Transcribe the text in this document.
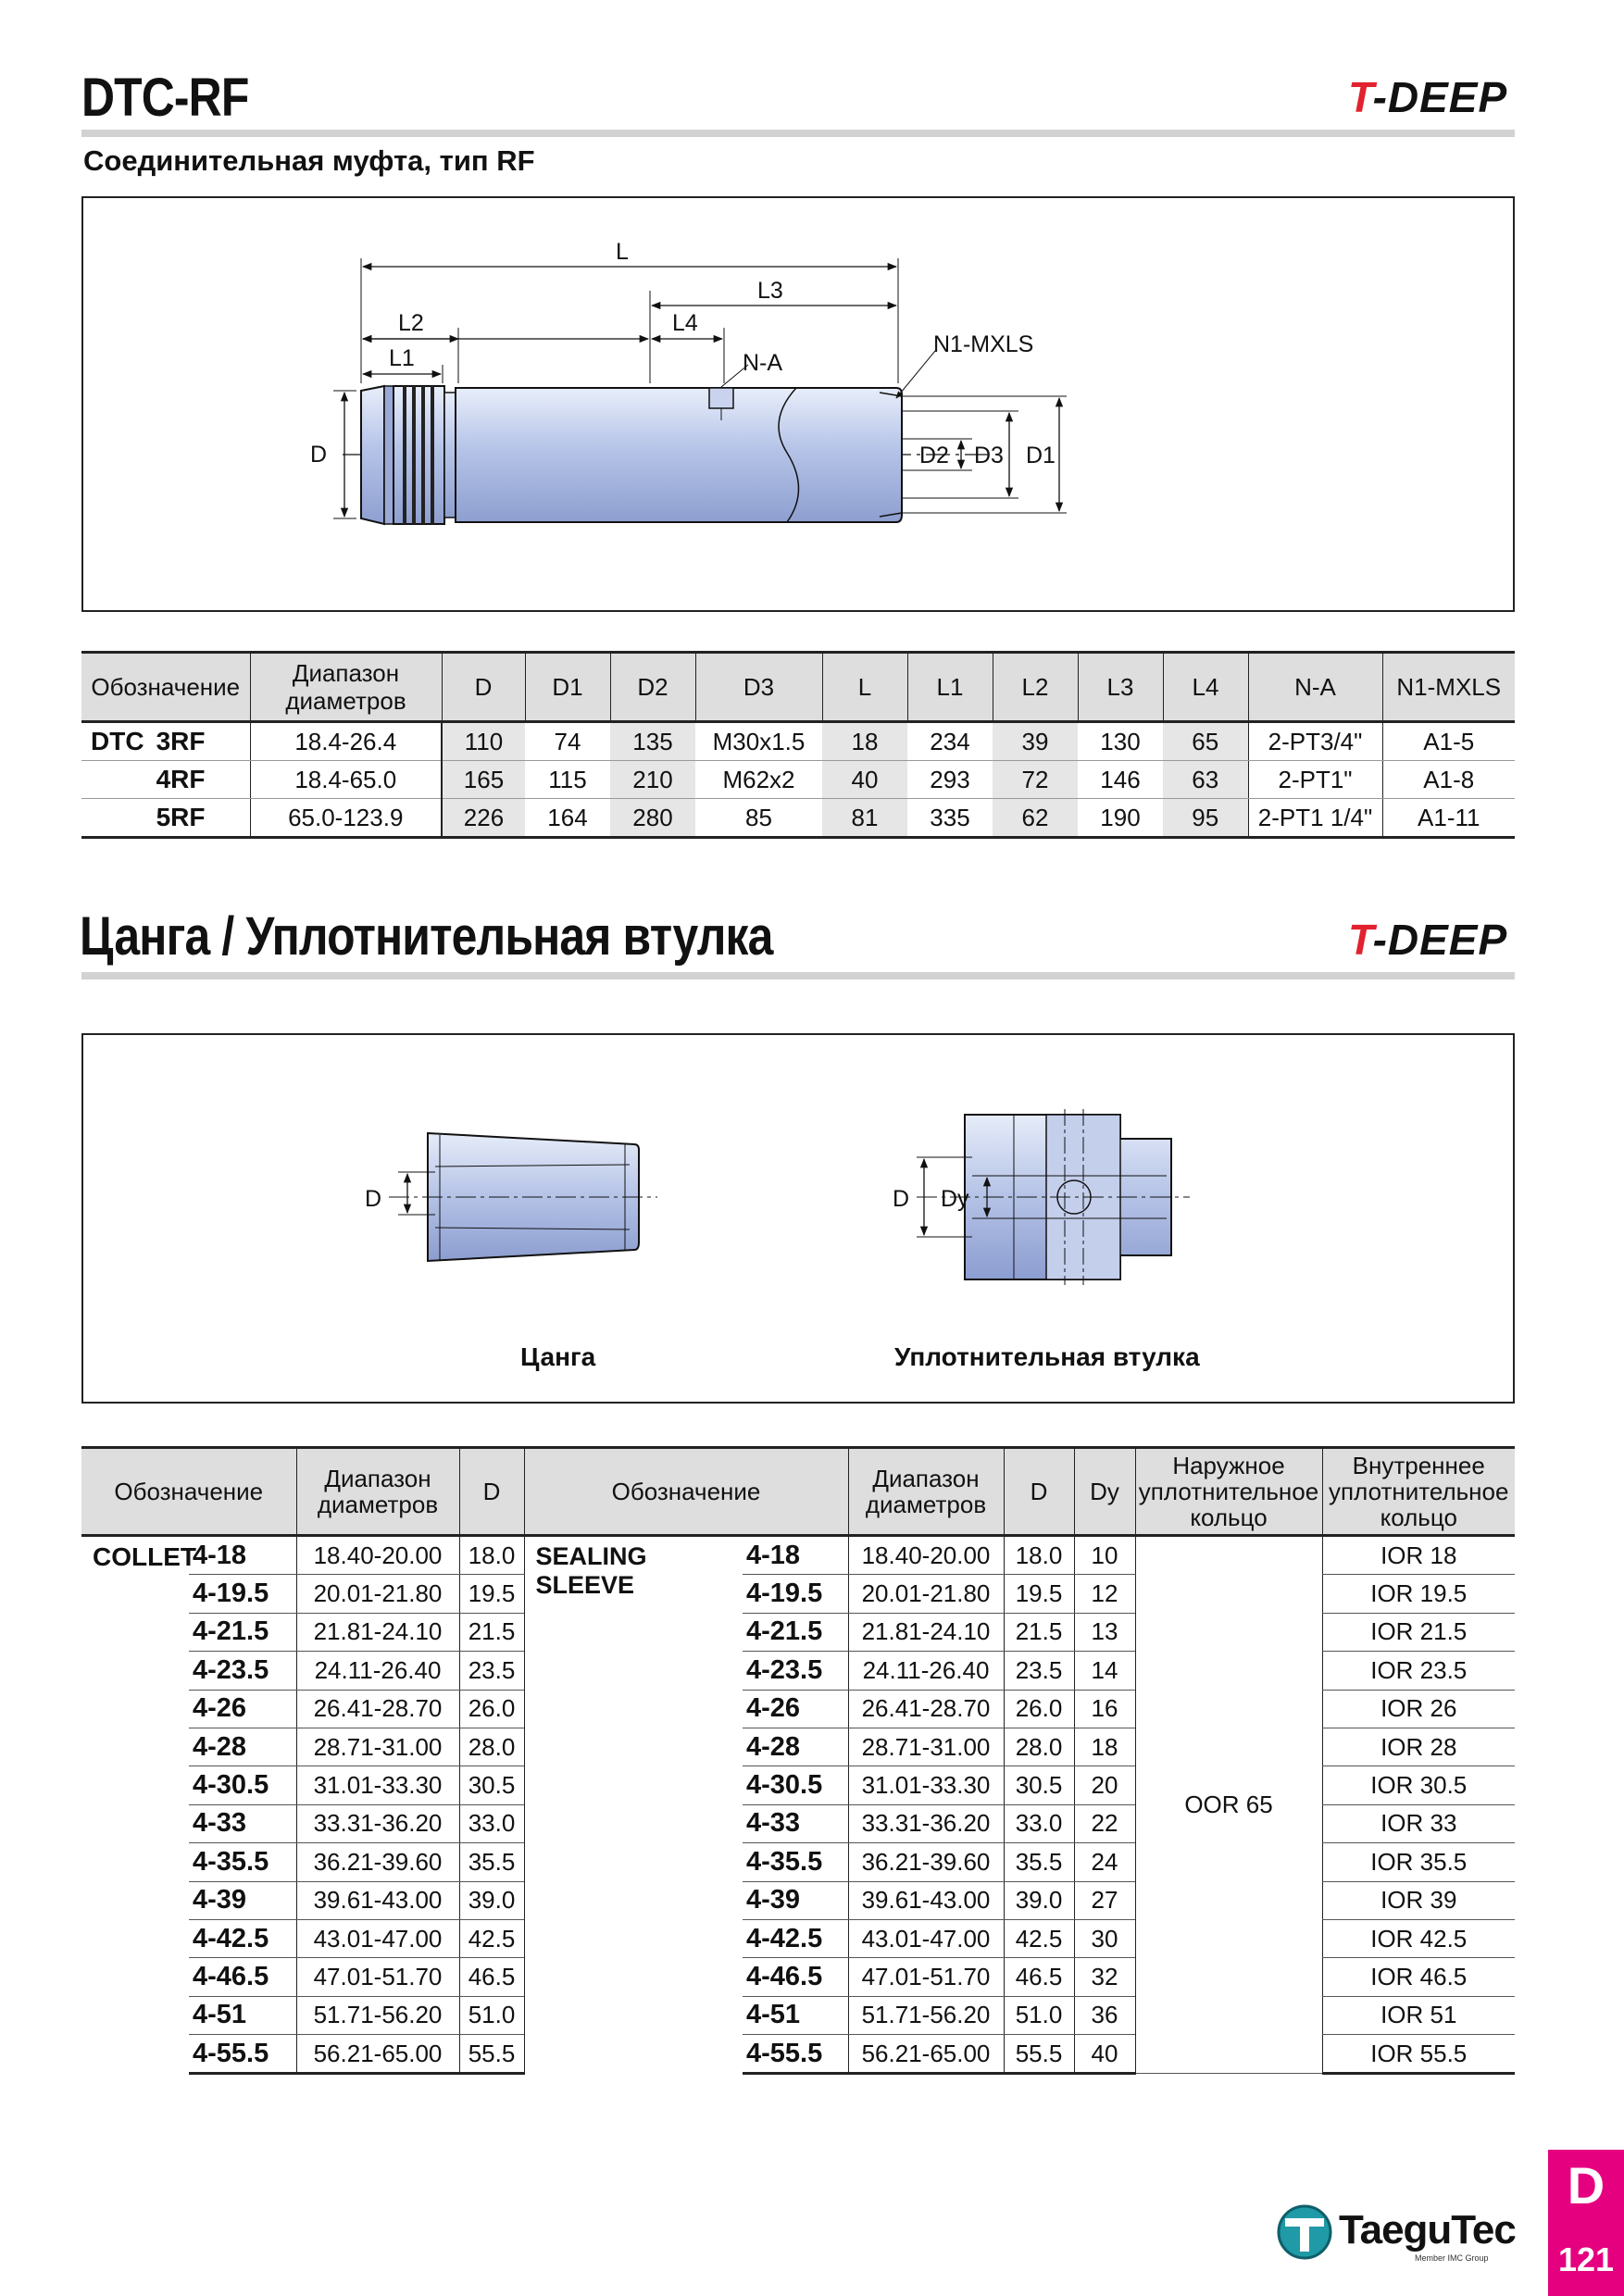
DTC-RF	T-DEEP
Соединительная муфта, тип RF
L
L3
L2	L4
L1	N-A
N1-MXLS
D	D2 D3 D1
Обозначение	Диапазон диаметров	D	D1	D2	D3	L	L1	L2	L3	L4	N-A	N1-MXLS

DTC 3RF	18.4-26.4	110	74	135	M30x1.5	18	234	39	130	65	2-PT3/4"	A1-5
4RF	18.4-65.0	165	115	210	M62x2	40	293	72	146	63	2-PT1"	A1-8
5RF	65.0-123.9	226	164	280	85	81	335	62	190	95	2-PT1 1/4"	A1-11
Цанга / Уплотнительная втулка	T-DEEP
D
Цанга
D Dy
Уплотнительная втулка
Обозначение		Диапазон диаметров	D	Обозначение		Диапазон диаметров	D	Dy	Наружное уплотнительное кольцо	Внутреннее уплотнительное кольцо
COLLET	4-18	18.40-20.00	18.0	SEALING SLEEVE	4-18	18.40-20.00	18.0	10	OOR 65	IOR 18
	4-19.5	20.01-21.80	19.5		4-19.5	20.01-21.80	19.5	12		IOR 19.5
	4-21.5	21.81-24.10	21.5		4-21.5	21.81-24.10	21.5	13		IOR 21.5
	4-23.5	24.11-26.40	23.5		4-23.5	24.11-26.40	23.5	14		IOR 23.5
	4-26	26.41-28.70	26.0		4-26	26.41-28.70	26.0	16		IOR 26
	4-28	28.71-31.00	28.0		4-28	28.71-31.00	28.0	18		IOR 28
	4-30.5	31.01-33.30	30.5		4-30.5	31.01-33.30	30.5	20		IOR 30.5
	4-33	33.31-36.20	33.0		4-33	33.31-36.20	33.0	22		IOR 33
	4-35.5	36.21-39.60	35.5		4-35.5	36.21-39.60	35.5	24		IOR 35.5
	4-39	39.61-43.00	39.0		4-39	39.61-43.00	39.0	27		IOR 39
	4-42.5	43.01-47.00	42.5		4-42.5	43.01-47.00	42.5	30		IOR 42.5
	4-46.5	47.01-51.70	46.5		4-46.5	47.01-51.70	46.5	32		IOR 46.5
	4-51	51.71-56.20	51.0		4-51	51.71-56.20	51.0	36		IOR 51
	4-55.5	56.21-65.00	55.5		4-55.5	56.21-65.00	55.5	40		IOR 55.5
TaeguTec
Member IMC Group
D
121
